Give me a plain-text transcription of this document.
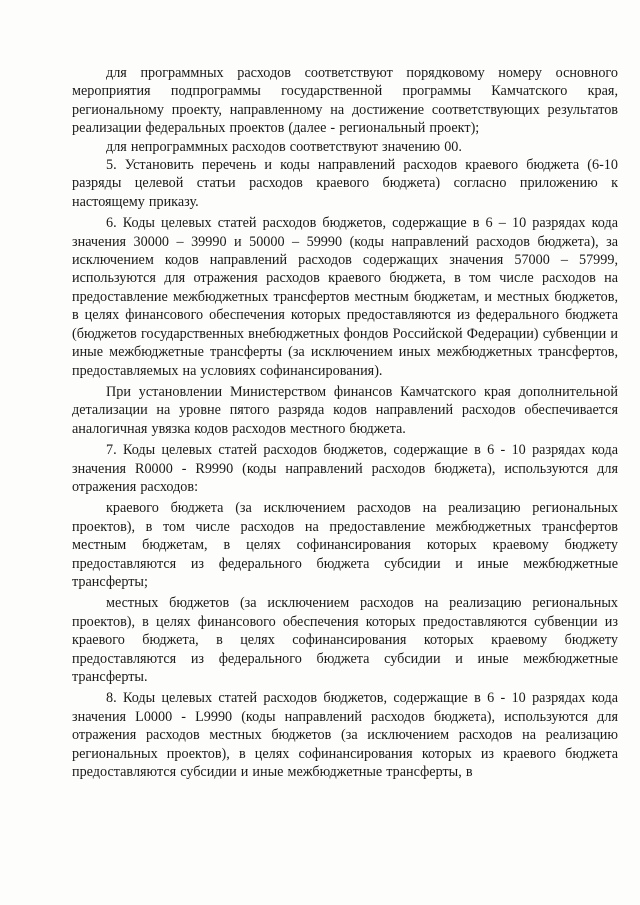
для программных расходов соответствуют порядковому номеру основного мероприятия подпрограммы государственной программы Камчатского края, региональному проекту, направленному на достижение соответствующих результатов реализации федеральных проектов (далее - региональный проект);

для непрограммных расходов соответствуют значению 00.

5. Установить перечень и коды направлений расходов краевого бюджета (6-10 разряды целевой статьи расходов краевого бюджета) согласно приложению к настоящему приказу.

6. Коды целевых статей расходов бюджетов, содержащие в 6 – 10 разрядах кода значения 30000 – 39990 и 50000 – 59990 (коды направлений расходов бюджета), за исключением кодов направлений расходов содержащих значения 57000 – 57999, используются для отражения расходов краевого бюджета, в том числе расходов на предоставление межбюджетных трансфертов местным бюджетам, и местных бюджетов, в целях финансового обеспечения которых предоставляются из федерального бюджета (бюджетов государственных внебюджетных фондов Российской Федерации) субвенции и иные межбюджетные трансферты (за исключением иных межбюджетных трансфертов, предоставляемых на условиях софинансирования).

При установлении Министерством финансов Камчатского края дополнительной детализации на уровне пятого разряда кодов направлений расходов обеспечивается аналогичная увязка кодов расходов местного бюджета.

7. Коды целевых статей расходов бюджетов, содержащие в 6 - 10 разрядах кода значения R0000 - R9990 (коды направлений расходов бюджета), используются для отражения расходов:

краевого бюджета (за исключением расходов на реализацию региональных проектов), в том числе расходов на предоставление межбюджетных трансфертов местным бюджетам, в целях софинансирования которых краевому бюджету предоставляются из федерального бюджета субсидии и иные межбюджетные трансферты;

местных бюджетов (за исключением расходов на реализацию региональных проектов), в целях финансового обеспечения которых предоставляются субвенции из краевого бюджета, в целях софинансирования которых краевому бюджету предоставляются из федерального бюджета субсидии и иные межбюджетные трансферты.

8. Коды целевых статей расходов бюджетов, содержащие в 6 - 10 разрядах кода значения L0000 - L9990 (коды направлений расходов бюджета), используются для отражения расходов местных бюджетов (за исключением расходов на реализацию региональных проектов), в целях софинансирования которых из краевого бюджета предоставляются субсидии и иные межбюджетные трансферты, в
